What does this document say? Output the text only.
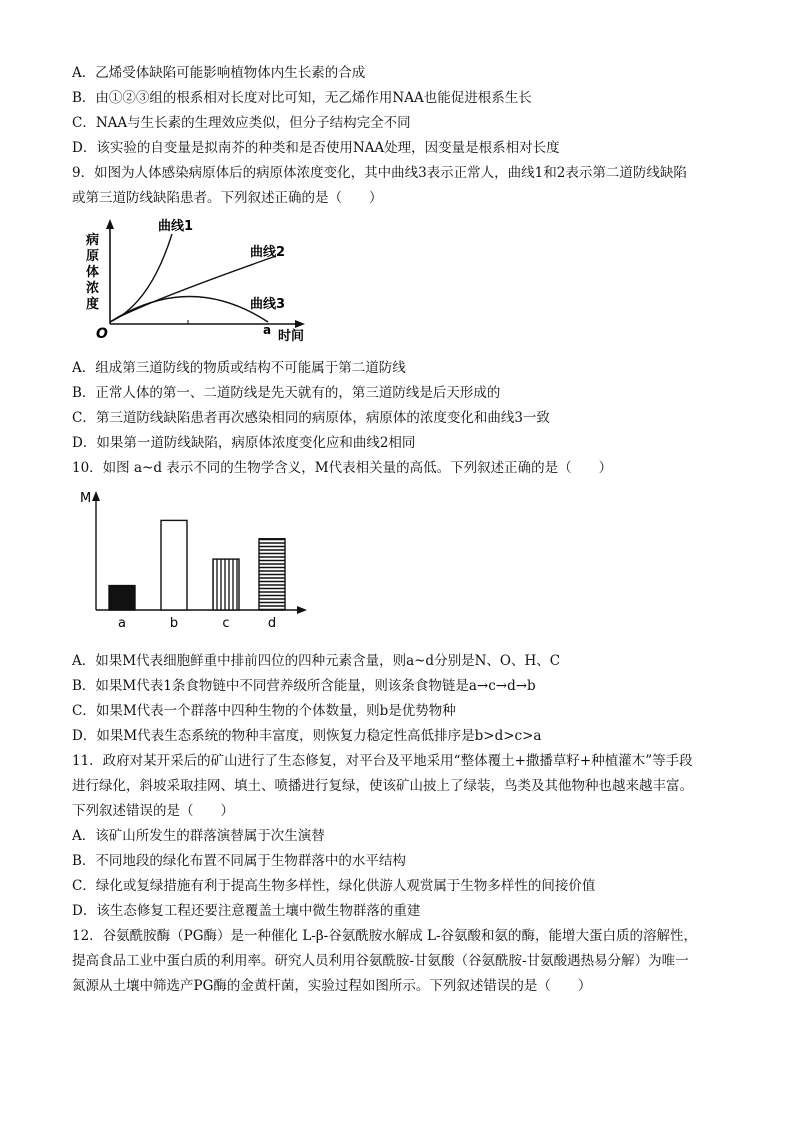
A．乙烯受体缺陷可能影响植物体内生长素的合成
B．由①②③组的根系相对长度对比可知，无乙烯作用NAA也能促进根系生长
C．NAA与生长素的生理效应类似，但分子结构完全不同
D．该实验的自变量是拟南芥的种类和是否使用NAA处理，因变量是根系相对长度
9．如图为人体感染病原体后的病原体浓度变化，其中曲线3表示正常人，曲线1和2表示第二道防线缺陷
或第三道防线缺陷患者。下列叙述正确的是（　　）
病
原
体
浓
度
O	a 时间
曲线1
曲线2
曲线3
A．组成第三道防线的物质或结构不可能属于第二道防线
B．正常人体的第一、二道防线是先天就有的，第三道防线是后天形成的
C．第三道防线缺陷患者再次感染相同的病原体，病原体的浓度变化和曲线3一致
D．如果第一道防线缺陷，病原体浓度变化应和曲线2相同
10．如图 a~d 表示不同的生物学含义，M代表相关量的高低。下列叙述正确的是（　　）
M
a	b	c	d
A．如果M代表细胞鲜重中排前四位的四种元素含量，则a~d分别是N、O、H、C
B．如果M代表1条食物链中不同营养级所含能量，则该条食物链是a→c→d→b
C．如果M代表一个群落中四种生物的个体数量，则b是优势物种
D．如果M代表生态系统的物种丰富度，则恢复力稳定性高低排序是b>d>c>a
11．政府对某开采后的矿山进行了生态修复，对平台及平地采用“整体覆土+撒播草籽+种植灌木”等手段
进行绿化，斜坡采取挂网、填土、喷播进行复绿，使该矿山披上了绿装，鸟类及其他物种也越来越丰富。
下列叙述错误的是（　　）
A．该矿山所发生的群落演替属于次生演替
B．不同地段的绿化布置不同属于生物群落中的水平结构
C．绿化或复绿措施有利于提高生物多样性，绿化供游人观赏属于生物多样性的间接价值
D．该生态修复工程还要注意覆盖土壤中微生物群落的重建
12．谷氨酰胺酶（PG酶）是一种催化 L-β-谷氨酰胺水解成 L-谷氨酸和氨的酶，能增大蛋白质的溶解性，
提高食品工业中蛋白质的利用率。研究人员利用谷氨酰胺-甘氨酸（谷氨酰胺-甘氨酸遇热易分解）为唯一
氮源从土壤中筛选产PG酶的金黄杆菌，实验过程如图所示。下列叙述错误的是（　　）
